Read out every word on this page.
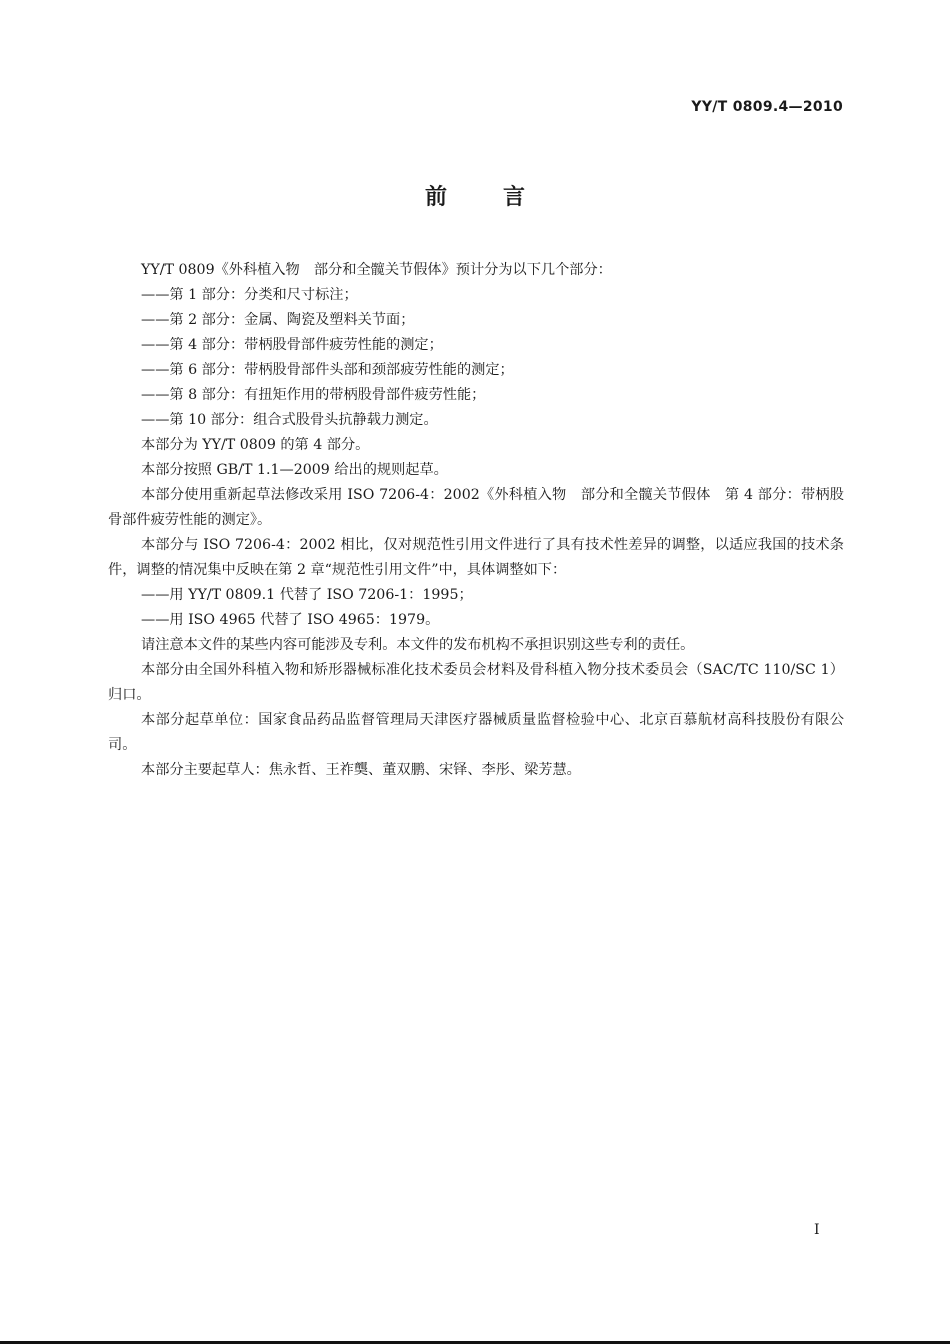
YY/T 0809.4—2010
前言

YY/T 0809《外科植入物　部分和全髋关节假体》预计分为以下几个部分：

——第 1 部分：分类和尺寸标注；

——第 2 部分：金属、陶瓷及塑料关节面；

——第 4 部分：带柄股骨部件疲劳性能的测定；

——第 6 部分：带柄股骨部件头部和颈部疲劳性能的测定；

——第 8 部分：有扭矩作用的带柄股骨部件疲劳性能；

——第 10 部分：组合式股骨头抗静载力测定。

本部分为 YY/T 0809 的第 4 部分。

本部分按照 GB/T 1.1—2009 给出的规则起草。

本部分使用重新起草法修改采用 ISO 7206-4：2002《外科植入物　部分和全髋关节假体　第 4 部分：带柄股骨部件疲劳性能的测定》。

本部分与 ISO 7206-4：2002 相比，仅对规范性引用文件进行了具有技术性差异的调整，以适应我国的技术条件，调整的情况集中反映在第 2 章“规范性引用文件”中，具体调整如下：

——用 YY/T 0809.1 代替了 ISO 7206-1：1995；

——用 ISO 4965 代替了 ISO 4965：1979。

请注意本文件的某些内容可能涉及专利。本文件的发布机构不承担识别这些专利的责任。

本部分由全国外科植入物和矫形器械标准化技术委员会材料及骨科植入物分技术委员会（SAC/TC 110/SC 1）归口。

本部分起草单位：国家食品药品监督管理局天津医疗器械质量监督检验中心、北京百慕航材高科技股份有限公司。

本部分主要起草人：焦永哲、王祚龑、董双鹏、宋铎、李彤、梁芳慧。

I
